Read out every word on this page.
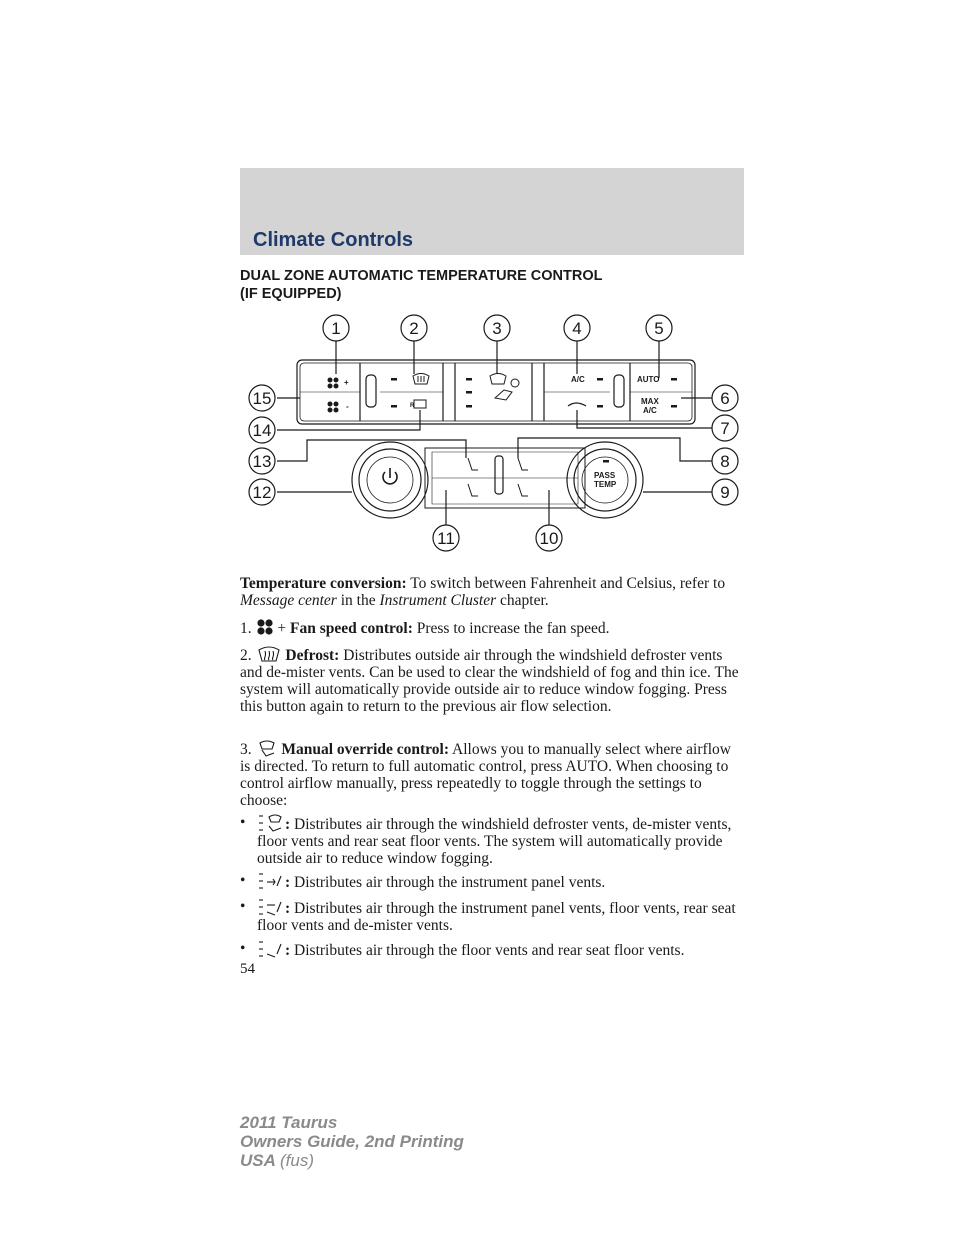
Climate Controls
DUAL ZONE AUTOMATIC TEMPERATURE CONTROL
(IF EQUIPPED)
+
-	R
A/C	AUTO
MAX
A/C
PASS
TEMP
1	2	3	4	5
6
7
8
9
10
11
12
13
14
15

Temperature conversion: To switch between Fahrenheit and Celsius, refer to Message center in the Instrument Cluster chapter.

1. + Fan speed control: Press to increase the fan speed.

2. Defrost: Distributes outside air through the windshield defroster vents and de-mister vents. Can be used to clear the windshield of fog and thin ice. The system will automatically provide outside air to reduce window fogging. Press this button again to return to the previous air flow selection.

3. Manual override control: Allows you to manually select where airflow is directed. To return to full automatic control, press AUTO. When choosing to control airflow manually, press repeatedly to toggle through the settings to choose:

•	: Distributes air through the windshield defroster vents, de-mister vents, floor vents and rear seat floor vents. The system will automatically provide outside air to reduce window fogging.
•	: Distributes air through the instrument panel vents.
•	: Distributes air through the instrument panel vents, floor vents, rear seat floor vents and de-mister vents.
•	: Distributes air through the floor vents and rear seat floor vents.
54
2011 Taurus
Owners Guide, 2nd Printing
USA (fus)
